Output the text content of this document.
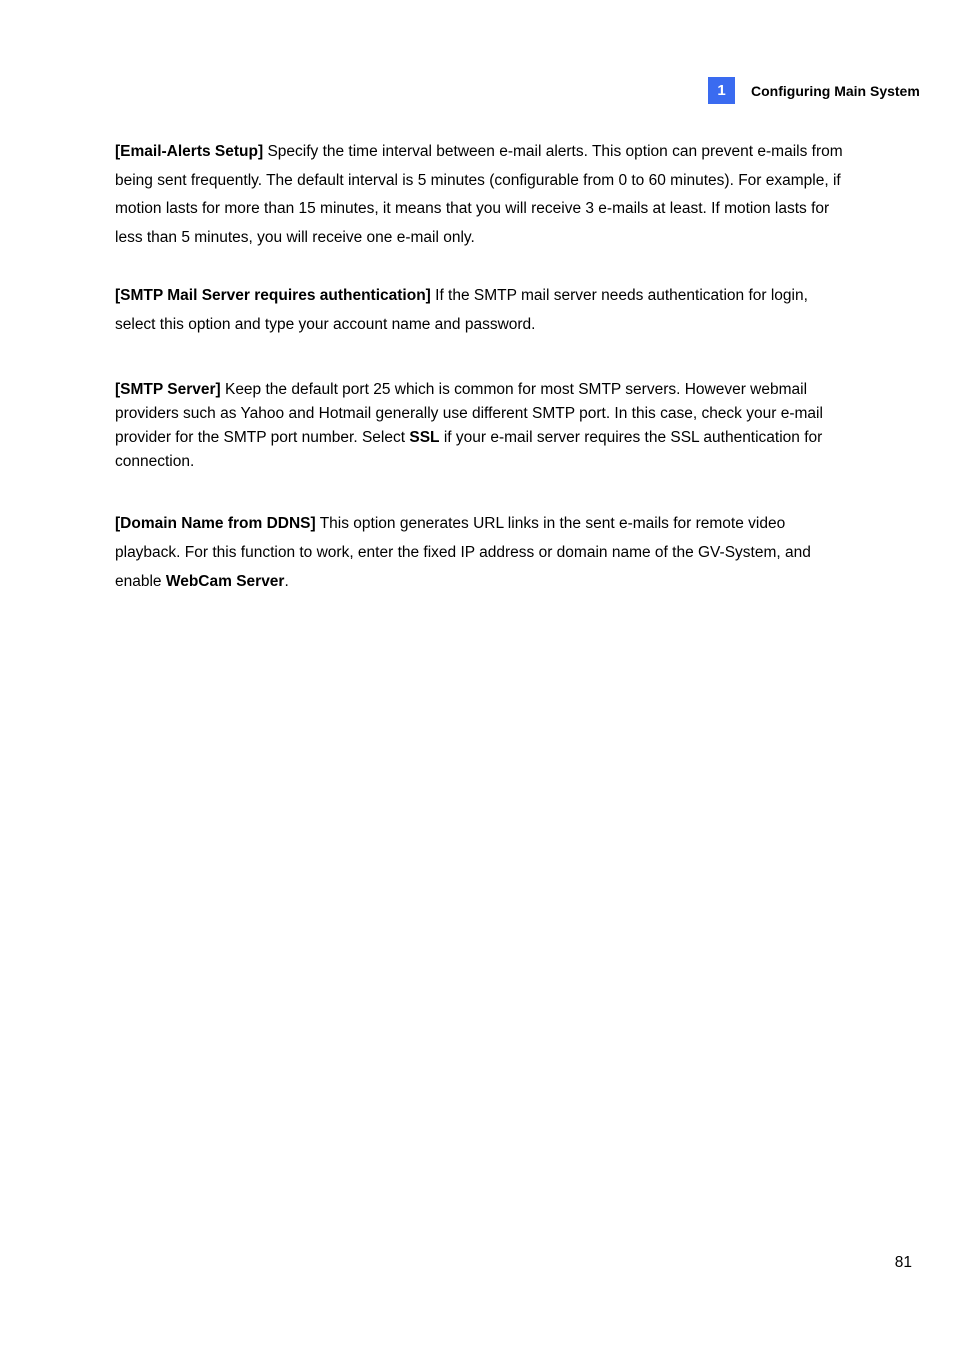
1	Configuring Main System

[Email-Alerts Setup] Specify the time interval between e-mail alerts. This option can prevent e-mails from being sent frequently. The default interval is 5 minutes (configurable from 0 to 60 minutes). For example, if motion lasts for more than 15 minutes, it means that you will receive 3 e-mails at least. If motion lasts for less than 5 minutes, you will receive one e-mail only.

[SMTP Mail Server requires authentication] If the SMTP mail server needs authentication for login, select this option and type your account name and password.

[SMTP Server] Keep the default port 25 which is common for most SMTP servers. However webmail providers such as Yahoo and Hotmail generally use different SMTP port. In this case, check your e-mail provider for the SMTP port number. Select SSL if your e-mail server requires the SSL authentication for connection.

[Domain Name from DDNS] This option generates URL links in the sent e-mails for remote video playback. For this function to work, enter the fixed IP address or domain name of the GV-System, and enable WebCam Server.

81
